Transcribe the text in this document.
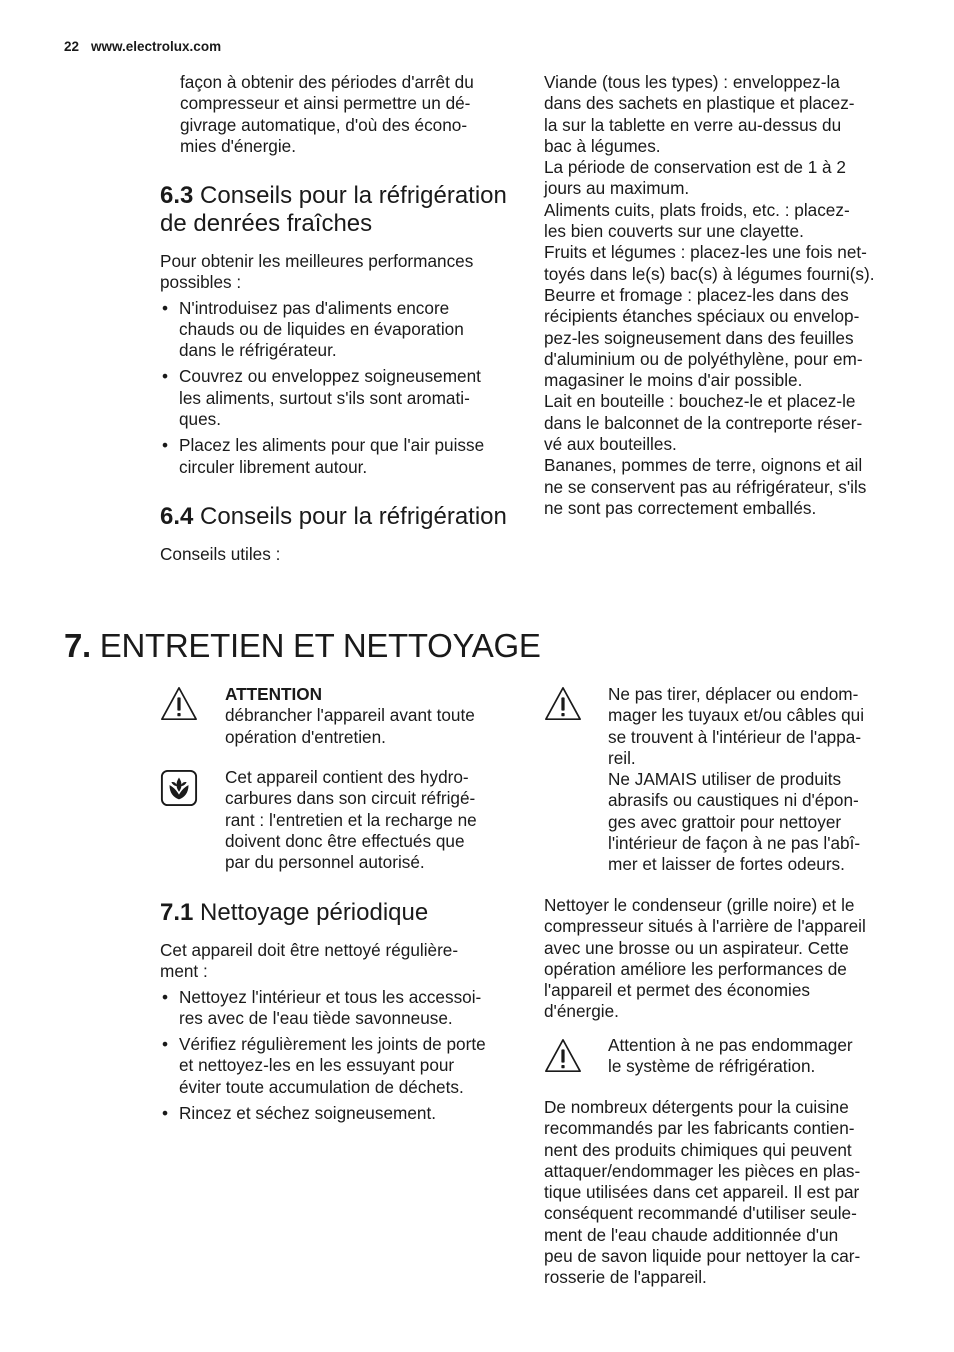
22 www.electrolux.com

façon à obtenir des périodes d'arrêt du

compresseur et ainsi permettre un dé-

givrage automatique, d'où des écono-

mies d'énergie.

6.3 Conseils pour la réfrigération
de denrées fraîches

Pour obtenir les meilleures performances

possibles :

• N'introduisez pas d'aliments encore

chauds ou de liquides en évaporation

dans le réfrigérateur.

• Couvrez ou enveloppez soigneusement

les aliments, surtout s'ils sont aromati-

ques.

• Placez les aliments pour que l'air puisse

circuler librement autour.

6.4 Conseils pour la réfrigération
Conseils utiles :

Viande (tous les types) : enveloppez-la

dans des sachets en plastique et placez-

la sur la tablette en verre au-dessus du

bac à légumes.

La période de conservation est de 1 à 2

jours au maximum.

Aliments cuits, plats froids, etc. : placez-

les bien couverts sur une clayette.

Fruits et légumes : placez-les une fois net-

toyés dans le(s) bac(s) à légumes fourni(s).

Beurre et fromage : placez-les dans des

récipients étanches spéciaux ou envelop-

pez-les soigneusement dans des feuilles

d'aluminium ou de polyéthylène, pour em-

magasiner le moins d'air possible.

Lait en bouteille : bouchez-le et placez-le

dans le balconnet de la contreporte réser-

vé aux bouteilles.

Bananes, pommes de terre, oignons et ail

ne se conservent pas au réfrigérateur, s'ils

ne sont pas correctement emballés.

7. ENTRETIEN ET NETTOYAGE

ATTENTION

débrancher l'appareil avant toute

opération d'entretien.

Cet appareil contient des hydro-

carbures dans son circuit réfrigé-

rant : l'entretien et la recharge ne

doivent donc être effectués que

par du personnel autorisé.

7.1 Nettoyage périodique

Cet appareil doit être nettoyé régulière-

ment :

• Nettoyez l'intérieur et tous les accessoi-

res avec de l'eau tiède savonneuse.

• Vérifiez régulièrement les joints de porte

et nettoyez-les en les essuyant pour

éviter toute accumulation de déchets.

• Rincez et séchez soigneusement.

Ne pas tirer, déplacer ou endom-

mager les tuyaux et/ou câbles qui

se trouvent à l'intérieur de l'appa-

reil.

Ne JAMAIS utiliser de produits

abrasifs ou caustiques ni d'épon-

ges avec grattoir pour nettoyer

l'intérieur de façon à ne pas l'abî-

mer et laisser de fortes odeurs.

Nettoyer le condenseur (grille noire) et le

compresseur situés à l'arrière de l'appareil

avec une brosse ou un aspirateur. Cette

opération améliore les performances de

l'appareil et permet des économies

d'énergie.

Attention à ne pas endommager

le système de réfrigération.

De nombreux détergents pour la cuisine

recommandés par les fabricants contien-

nent des produits chimiques qui peuvent

attaquer/endommager les pièces en plas-

tique utilisées dans cet appareil. Il est par

conséquent recommandé d'utiliser seule-

ment de l'eau chaude additionnée d'un

peu de savon liquide pour nettoyer la car-

rosserie de l'appareil.
